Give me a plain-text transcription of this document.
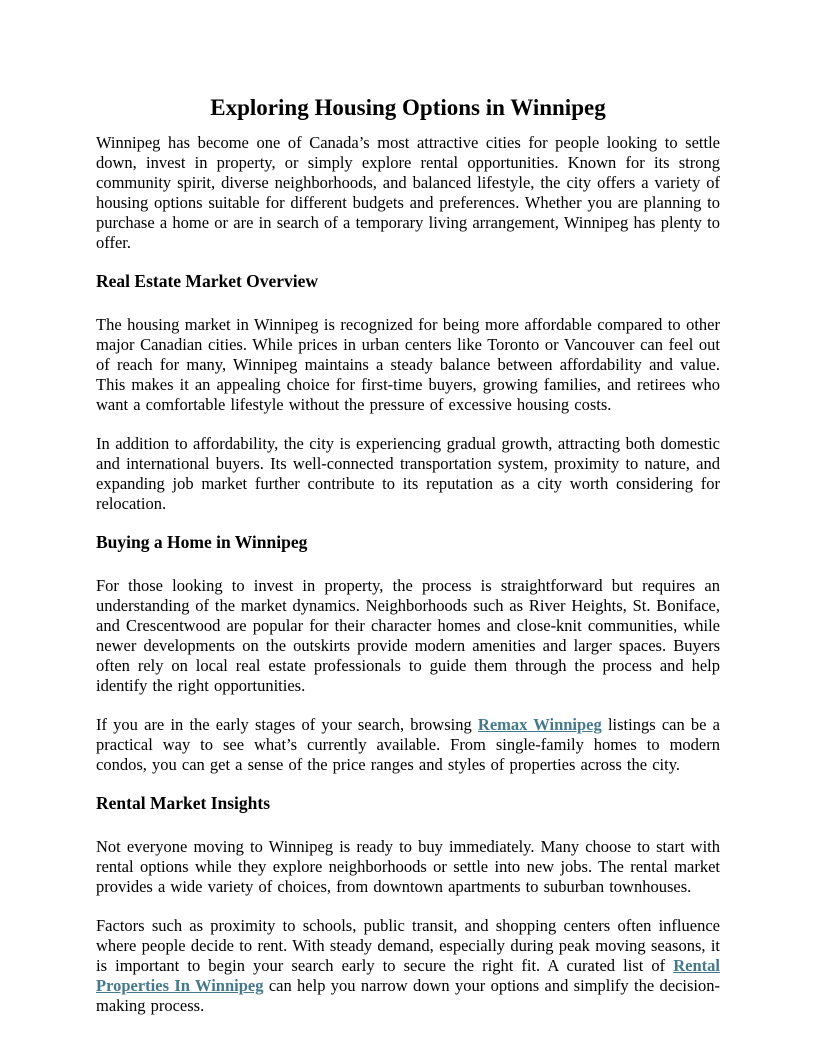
Exploring Housing Options in Winnipeg

Winnipeg has become one of Canada’s most attractive cities for people looking to settle down, invest in property, or simply explore rental opportunities. Known for its strong community spirit, diverse neighborhoods, and balanced lifestyle, the city offers a variety of housing options suitable for different budgets and preferences. Whether you are planning to purchase a home or are in search of a temporary living arrangement, Winnipeg has plenty to offer.

Real Estate Market Overview

The housing market in Winnipeg is recognized for being more affordable compared to other major Canadian cities. While prices in urban centers like Toronto or Vancouver can feel out of reach for many, Winnipeg maintains a steady balance between affordability and value. This makes it an appealing choice for first-time buyers, growing families, and retirees who want a comfortable lifestyle without the pressure of excessive housing costs.

In addition to affordability, the city is experiencing gradual growth, attracting both domestic and international buyers. Its well-connected transportation system, proximity to nature, and expanding job market further contribute to its reputation as a city worth considering for relocation.

Buying a Home in Winnipeg

For those looking to invest in property, the process is straightforward but requires an understanding of the market dynamics. Neighborhoods such as River Heights, St. Boniface, and Crescentwood are popular for their character homes and close-knit communities, while newer developments on the outskirts provide modern amenities and larger spaces. Buyers often rely on local real estate professionals to guide them through the process and help identify the right opportunities.

If you are in the early stages of your search, browsing Remax Winnipeg listings can be a practical way to see what’s currently available. From single-family homes to modern condos, you can get a sense of the price ranges and styles of properties across the city.

Rental Market Insights

Not everyone moving to Winnipeg is ready to buy immediately. Many choose to start with rental options while they explore neighborhoods or settle into new jobs. The rental market provides a wide variety of choices, from downtown apartments to suburban townhouses.

Factors such as proximity to schools, public transit, and shopping centers often influence where people decide to rent. With steady demand, especially during peak moving seasons, it is important to begin your search early to secure the right fit. A curated list of Rental Properties In Winnipeg can help you narrow down your options and simplify the decision-making process.
